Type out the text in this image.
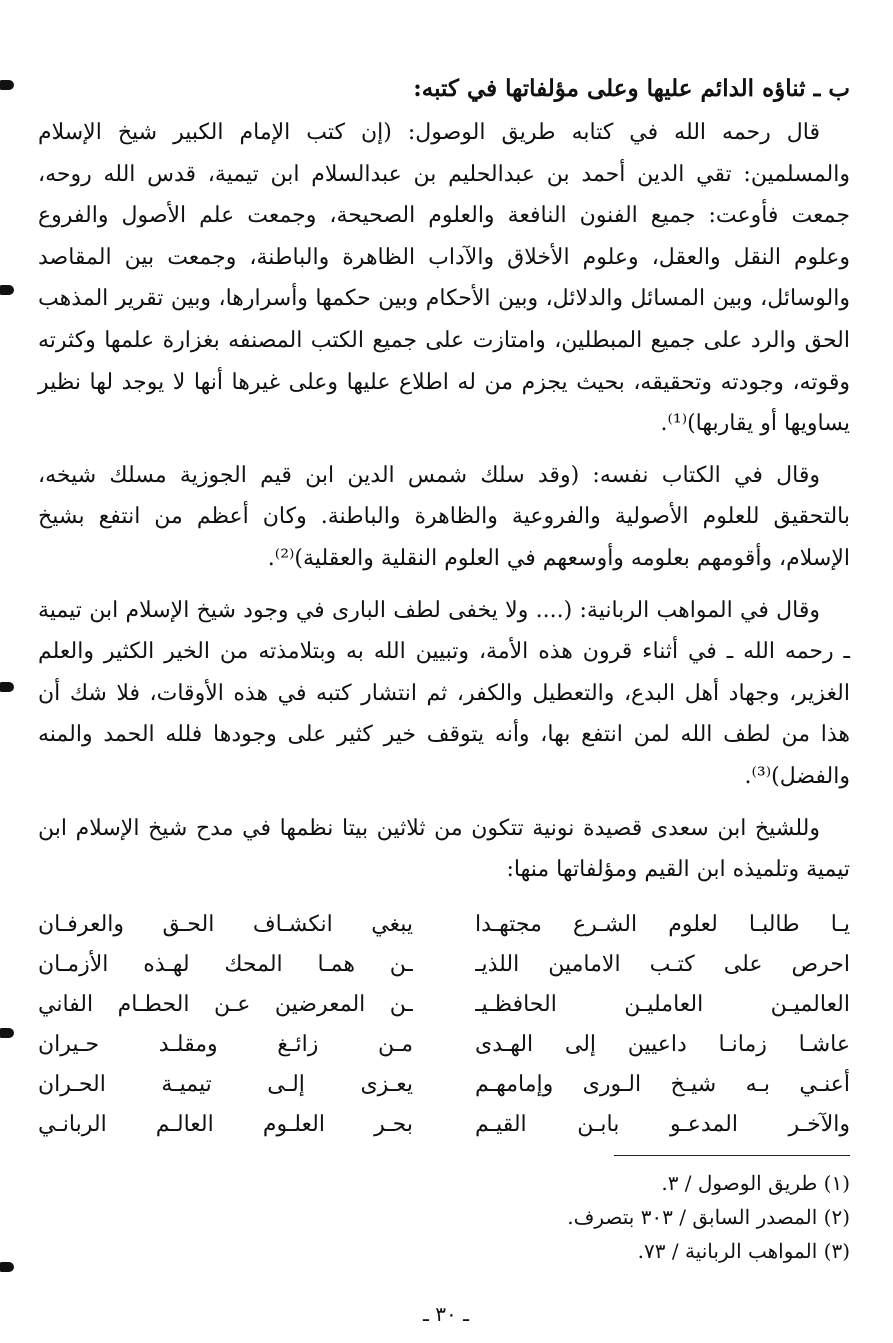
ب ـ ثناؤه الدائم عليها وعلى مؤلفاتها في كتبه:

قال رحمه الله في كتابه طريق الوصول: (إن كتب الإمام الكبير شيخ الإسلام والمسلمين: تقي الدين أحمد بن عبدالحليم بن عبدالسلام ابن تيمية، قدس الله روحه، جمعت فأوعت: جميع الفنون النافعة والعلوم الصحيحة، وجمعت علم الأصول والفروع وعلوم النقل والعقل، وعلوم الأخلاق والآداب الظاهرة والباطنة، وجمعت بين المقاصد والوسائل، وبين المسائل والدلائل، وبين الأحكام وبين حكمها وأسرارها، وبين تقرير المذهب الحق والرد على جميع المبطلين، وامتازت على جميع الكتب المصنفه بغزارة علمها وكثرته وقوته، وجودته وتحقيقه، بحيث يجزم من له اطلاع عليها وعلى غيرها أنها لا يوجد لها نظير يساويها أو يقاربها)⁽¹⁾.

وقال في الكتاب نفسه: (وقد سلك شمس الدين ابن قيم الجوزية مسلك شيخه، بالتحقيق للعلوم الأصولية والفروعية والظاهرة والباطنة. وكان أعظم من انتفع بشيخ الإسلام، وأقومهم بعلومه وأوسعهم في العلوم النقلية والعقلية)⁽²⁾.

وقال في المواهب الربانية: (.... ولا يخفى لطف البارى في وجود شيخ الإسلام ابن تيمية ـ رحمه الله ـ في أثناء قرون هذه الأمة، وتبيين الله به وبتلامذته من الخير الكثير والعلم الغزير، وجهاد أهل البدع، والتعطيل والكفر، ثم انتشار كتبه في هذه الأوقات، فلا شك أن هذا من لطف الله لمن انتفع بها، وأنه يتوقف خير كثير على وجودها فلله الحمد والمنه والفضل)⁽³⁾.

وللشيخ ابن سعدى قصيدة نونية تتكون من ثلاثين بيتا نظمها في مدح شيخ الإسلام ابن تيمية وتلميذه ابن القيم ومؤلفاتها منها:

يـا طالبـا لعلوم الشـرع مجتهـدا
يبغي انكشـاف الحـق والعرفـان
احرص على كتـب الامامين اللذيـ
ـن همـا المحك لهـذه الأزمـان
العالميـن العامليـن الحافظـيـ
ـن المعرضين عـن الحطـام الفاني
عاشـا زمانـا داعيين إلى الهـدى
مـن زائـغ ومقلـد حـيران
أعنـي بـه شيـخ الـورى وإمامهـم
يعـزى إلـى تيميـة الحـران
والآخـر المدعـو بابـن القيـم
بحـر العلـوم العالـم الربانـي
(١) طريق الوصول / ٣.
(٢) المصدر السابق / ٣٠٣ بتصرف.
(٣) المواهب الربانية / ٧٣.
ـ ٣٠ ـ
